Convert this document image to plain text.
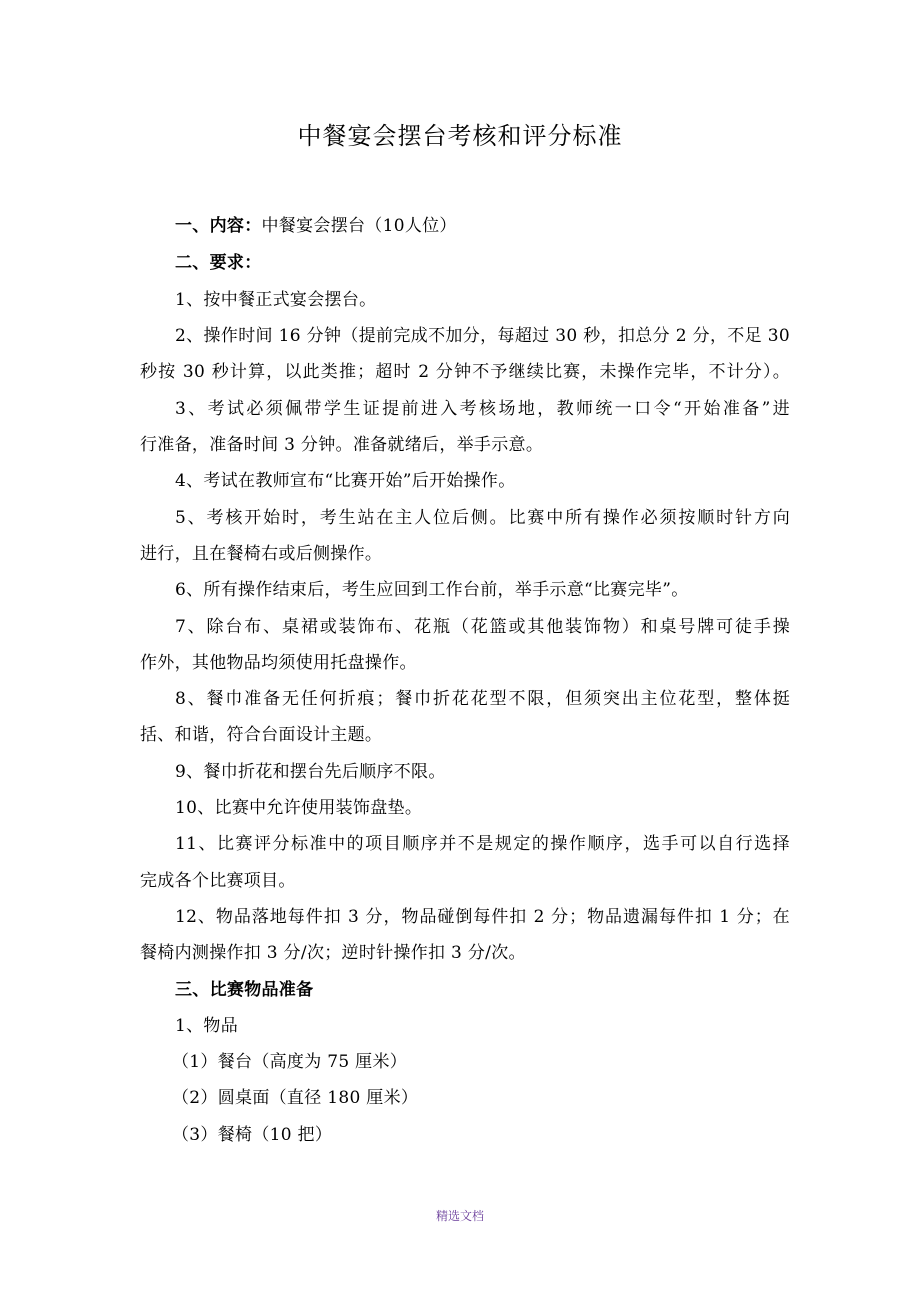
中餐宴会摆台考核和评分标准
一、内容：中餐宴会摆台（10人位）
二、要求：
1、按中餐正式宴会摆台。
2、操作时间 16 分钟（提前完成不加分，每超过 30 秒，扣总分 2 分，不足 30
秒按 30 秒计算，以此类推；超时 2 分钟不予继续比赛，未操作完毕，不计分）。
3、考试必须佩带学生证提前进入考核场地，教师统一口令“开始准备”进
行准备，准备时间 3 分钟。准备就绪后，举手示意。
4、考试在教师宣布“比赛开始”后开始操作。
5、考核开始时，考生站在主人位后侧。比赛中所有操作必须按顺时针方向
进行，且在餐椅右或后侧操作。
6、所有操作结束后，考生应回到工作台前，举手示意“比赛完毕”。
7、除台布、桌裙或装饰布、花瓶（花篮或其他装饰物）和桌号牌可徒手操
作外，其他物品均须使用托盘操作。
8、餐巾准备无任何折痕；餐巾折花花型不限，但须突出主位花型，整体挺
括、和谐，符合台面设计主题。
9、餐巾折花和摆台先后顺序不限。
10、比赛中允许使用装饰盘垫。
11、比赛评分标准中的项目顺序并不是规定的操作顺序，选手可以自行选择
完成各个比赛项目。
12、物品落地每件扣 3 分，物品碰倒每件扣 2 分；物品遗漏每件扣 1 分；在
餐椅内测操作扣 3 分/次；逆时针操作扣 3 分/次。
三、比赛物品准备
1、物品
（1）餐台（高度为 75 厘米）
（2）圆桌面（直径 180 厘米）
（3）餐椅（10 把）
精选文档
